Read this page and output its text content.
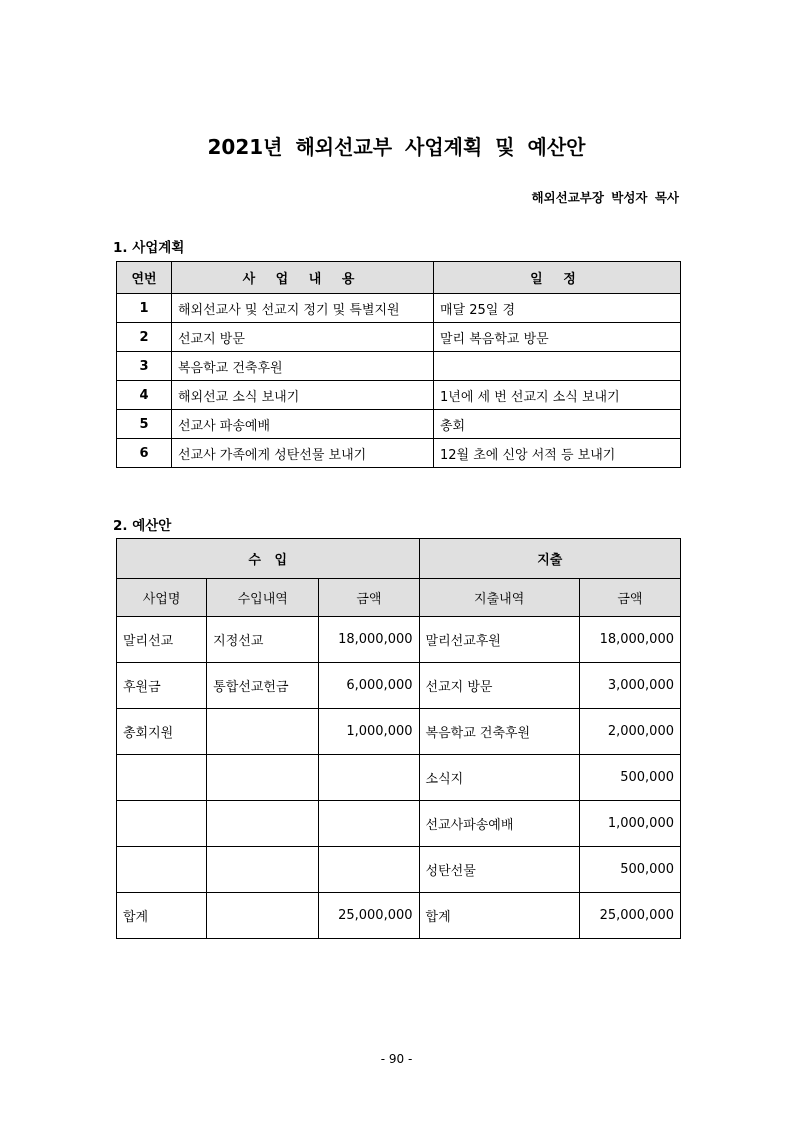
2021년 해외선교부 사업계획 및 예산안
해외선교부장 박성자 목사
1. 사업계획
연번	사 업 내 용	일 정
1	해외선교사 및 선교지 정기 및 특별지원	매달 25일 경
2	선교지 방문	말리 복음학교 방문
3	복음학교 건축후원	
4	해외선교 소식 보내기	1년에 세 번 선교지 소식 보내기
5	선교사 파송예배	총회
6	선교사 가족에게 성탄선물 보내기	12월 초에 신앙 서적 등 보내기
2. 예산안
수   입			지출	
사업명	수입내역	금액	지출내역	금액
말리선교	지정선교	18,000,000	말리선교후원	18,000,000
후원금	통합선교헌금	6,000,000	선교지 방문	3,000,000
총회지원		1,000,000	복음학교 건축후원	2,000,000
			소식지	500,000
			선교사파송예배	1,000,000
			성탄선물	500,000
합계		25,000,000	합계	25,000,000
- 90 -
